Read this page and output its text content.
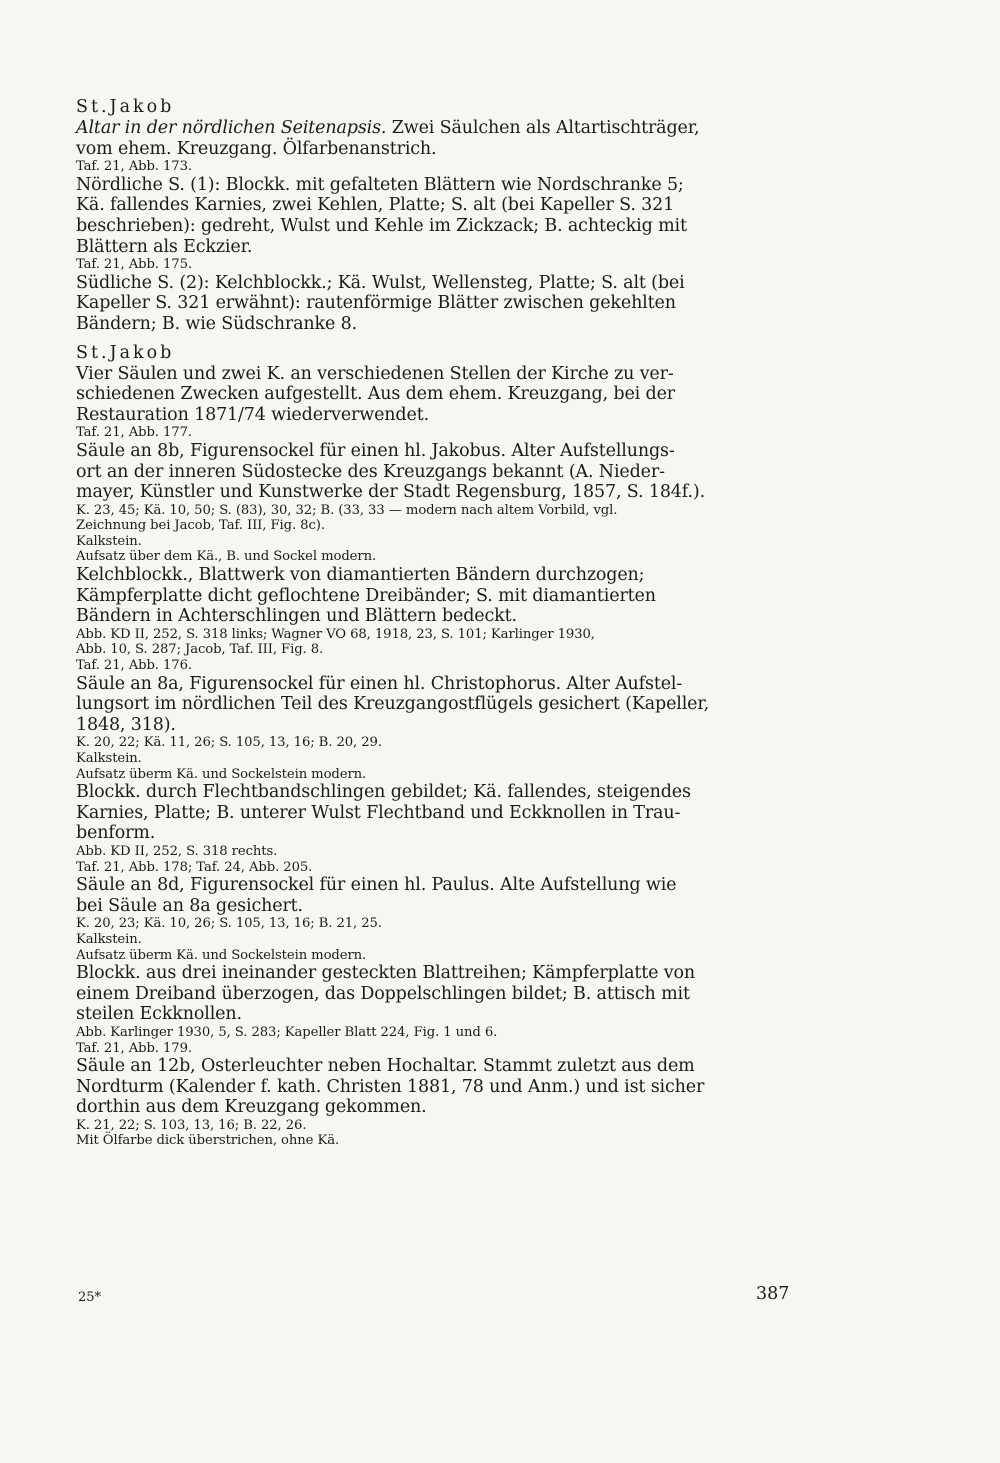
St.Jakob
Altar in der nördlichen Seitenapsis. Zwei Säulchen als Altartischträger,
vom ehem. Kreuzgang. Ölfarbenanstrich.
Taf. 21, Abb. 173.
Nördliche S. (1): Blockk. mit gefalteten Blättern wie Nordschranke 5;
Kä. fallendes Karnies, zwei Kehlen, Platte; S. alt (bei Kapeller S. 321
beschrieben): gedreht, Wulst und Kehle im Zickzack; B. achteckig mit
Blättern als Eckzier.
Taf. 21, Abb. 175.
Südliche S. (2): Kelchblockk.; Kä. Wulst, Wellensteg, Platte; S. alt (bei
Kapeller S. 321 erwähnt): rautenförmige Blätter zwischen gekehlten
Bändern; B. wie Südschranke 8.
St.Jakob
Vier Säulen und zwei K. an verschiedenen Stellen der Kirche zu ver-
schiedenen Zwecken aufgestellt. Aus dem ehem. Kreuzgang, bei der
Restauration 1871/74 wiederverwendet.
Taf. 21, Abb. 177.
Säule an 8b, Figurensockel für einen hl. Jakobus. Alter Aufstellungs-
ort an der inneren Südostecke des Kreuzgangs bekannt (A. Nieder-
mayer, Künstler und Kunstwerke der Stadt Regensburg, 1857, S. 184f.).
K. 23, 45; Kä. 10, 50; S. (83), 30, 32; B. (33, 33 — modern nach altem Vorbild, vgl.
Zeichnung bei Jacob, Taf. III, Fig. 8c).
Kalkstein.
Aufsatz über dem Kä., B. und Sockel modern.
Kelchblockk., Blattwerk von diamantierten Bändern durchzogen;
Kämpferplatte dicht geflochtene Dreibänder; S. mit diamantierten
Bändern in Achterschlingen und Blättern bedeckt.
Abb. KD II, 252, S. 318 links; Wagner VO 68, 1918, 23, S. 101; Karlinger 1930,
Abb. 10, S. 287; Jacob, Taf. III, Fig. 8.
Taf. 21, Abb. 176.
Säule an 8a, Figurensockel für einen hl. Christophorus. Alter Aufstel-
lungsort im nördlichen Teil des Kreuzgangostflügels gesichert (Kapeller,
1848, 318).
K. 20, 22; Kä. 11, 26; S. 105, 13, 16; B. 20, 29.
Kalkstein.
Aufsatz überm Kä. und Sockelstein modern.
Blockk. durch Flechtbandschlingen gebildet; Kä. fallendes, steigendes
Karnies, Platte; B. unterer Wulst Flechtband und Eckknollen in Trau-
benform.
Abb. KD II, 252, S. 318 rechts.
Taf. 21, Abb. 178; Taf. 24, Abb. 205.
Säule an 8d, Figurensockel für einen hl. Paulus. Alte Aufstellung wie
bei Säule an 8a gesichert.
K. 20, 23; Kä. 10, 26; S. 105, 13, 16; B. 21, 25.
Kalkstein.
Aufsatz überm Kä. und Sockelstein modern.
Blockk. aus drei ineinander gesteckten Blattreihen; Kämpferplatte von
einem Dreiband überzogen, das Doppelschlingen bildet; B. attisch mit
steilen Eckknollen.
Abb. Karlinger 1930, 5, S. 283; Kapeller Blatt 224, Fig. 1 und 6.
Taf. 21, Abb. 179.
Säule an 12b, Osterleuchter neben Hochaltar. Stammt zuletzt aus dem
Nordturm (Kalender f. kath. Christen 1881, 78 und Anm.) und ist sicher
dorthin aus dem Kreuzgang gekommen.
K. 21, 22; S. 103, 13, 16; B. 22, 26.
Mit Ölfarbe dick überstrichen, ohne Kä.
25*	387
